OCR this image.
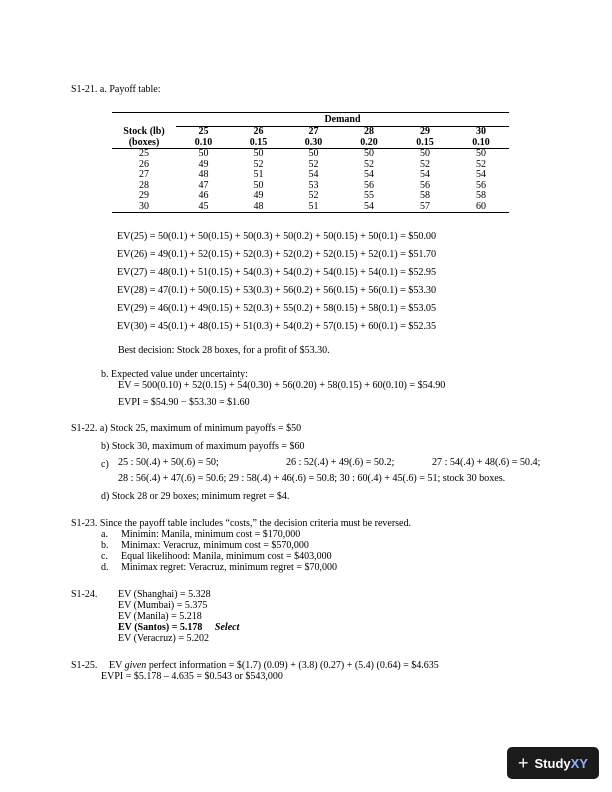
S1-21. a. Payoff table:
Demand
Stock (lb)	25	26	27	28	29	30
(boxes)	0.10	0.15	0.30	0.20	0.15	0.10
25	50	50	50	50	50	50
26	49	52	52	52	52	52
27	48	51	54	54	54	54
28	47	50	53	56	56	56
29	46	49	52	55	58	58
30	45	48	51	54	57	60
EV(25) = 50(0.1) + 50(0.15) + 50(0.3) + 50(0.2) + 50(0.15) + 50(0.1) = $50.00
EV(26) = 49(0.1) + 52(0.15) + 52(0.3) + 52(0.2) + 52(0.15) + 52(0.1) = $51.70
EV(27) = 48(0.1) + 51(0.15) + 54(0.3) + 54(0.2) + 54(0.15) + 54(0.1) = $52.95
EV(28) = 47(0.1) + 50(0.15) + 53(0.3) + 56(0.2) + 56(0.15) + 56(0.1) = $53.30
EV(29) = 46(0.1) + 49(0.15) + 52(0.3) + 55(0.2) + 58(0.15) + 58(0.1) = $53.05
EV(30) = 45(0.1) + 48(0.15) + 51(0.3) + 54(0.2) + 57(0.15) + 60(0.1) = $52.35
Best decision: Stock 28 boxes, for a profit of $53.30.
b. Expected value under uncertainty:
EV = 500(0.10) + 52(0.15) + 54(0.30) + 56(0.20) + 58(0.15) + 60(0.10) = $54.90
EVPI = $54.90 − $53.30 = $1.60
S1-22. a) Stock 25, maximum of minimum payoffs = $50
b) Stock 30, maximum of maximum payoffs = $60
c) 25 : 50(.4) + 50(.6) = 50;	26 : 52(.4) + 49(.6) = 50.2;	27 : 54(.4) + 48(.6) = 50.4;
28 : 56(.4) + 47(.6) = 50.6; 29 : 58(.4) + 46(.6) = 50.8; 30 : 60(.4) + 45(.6) = 51; stock 30 boxes.
d) Stock 28 or 29 boxes; minimum regret = $4.
S1-23. Since the payoff table includes “costs,” the decision criteria must be reversed.
a. Minimin: Manila, minimum cost = $170,000
b. Minimax: Veracruz, minimum cost = $570,000
c. Equal likelihood: Manila, minimum cost = $403,000
d. Minimax regret: Veracruz, minimum regret = $70,000
S1-24. EV (Shanghai) = 5.328
EV (Mumbai) = 5.375
EV (Manila) = 5.218
EV (Santos) = 5.178 Select
EV (Veracruz) = 5.202
S1-25. EV given perfect information = $(1.7) (0.09) + (3.8) (0.27) + (5.4) (0.64) = $4.635
EVPI = $5.178 – 4.635 = $0.543 or $543,000
+ Study XY
